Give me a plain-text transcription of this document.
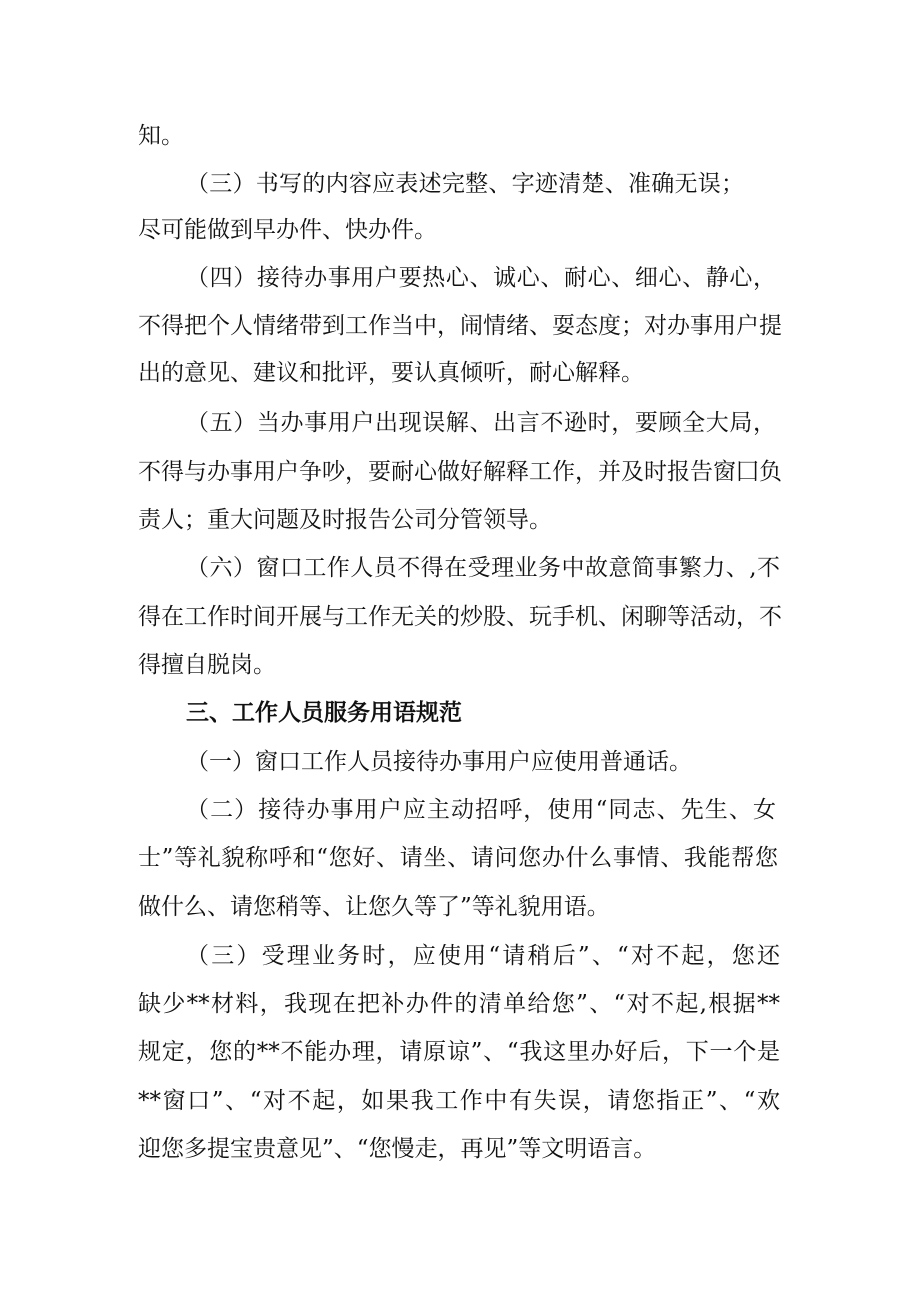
知。
（三）书写的内容应表述完整、字迹清楚、准确无误；
尽可能做到早办件、快办件。
（四）接待办事用户要热心、诚心、耐心、细心、静心，
不得把个人情绪带到工作当中，闹情绪、耍态度；对办事用户提
出的意见、建议和批评，要认真倾听，耐心解释。
（五）当办事用户出现误解、出言不逊时，要顾全大局，
不得与办事用户争吵，要耐心做好解释工作，并及时报告窗囗负
责人；重大问题及时报告公司分管领导。
（六）窗口工作人员不得在受理业务中故意简事繁力、,不
得在工作时间开展与工作无关的炒股、玩手机、闲聊等活动，不
得擅自脱岗。
三、工作人员服务用语规范
（一）窗口工作人员接待办事用户应使用普通话。
（二）接待办事用户应主动招呼，使用“同志、先生、女
士”等礼貌称呼和“您好、请坐、请问您办什么事情、我能帮您
做什么、请您稍等、让您久等了”等礼貌用语。
（三）受理业务时，应使用“请稍后”、“对不起，您还
缺少**材料，我现在把补办件的清单给您”、“对不起,根据**
规定，您的**不能办理，请原谅”、“我这里办好后，下一个是
**窗口”、“对不起，如果我工作中有失误，请您指正”、“欢
迎您多提宝贵意见”、“您慢走，再见”等文明语言。
